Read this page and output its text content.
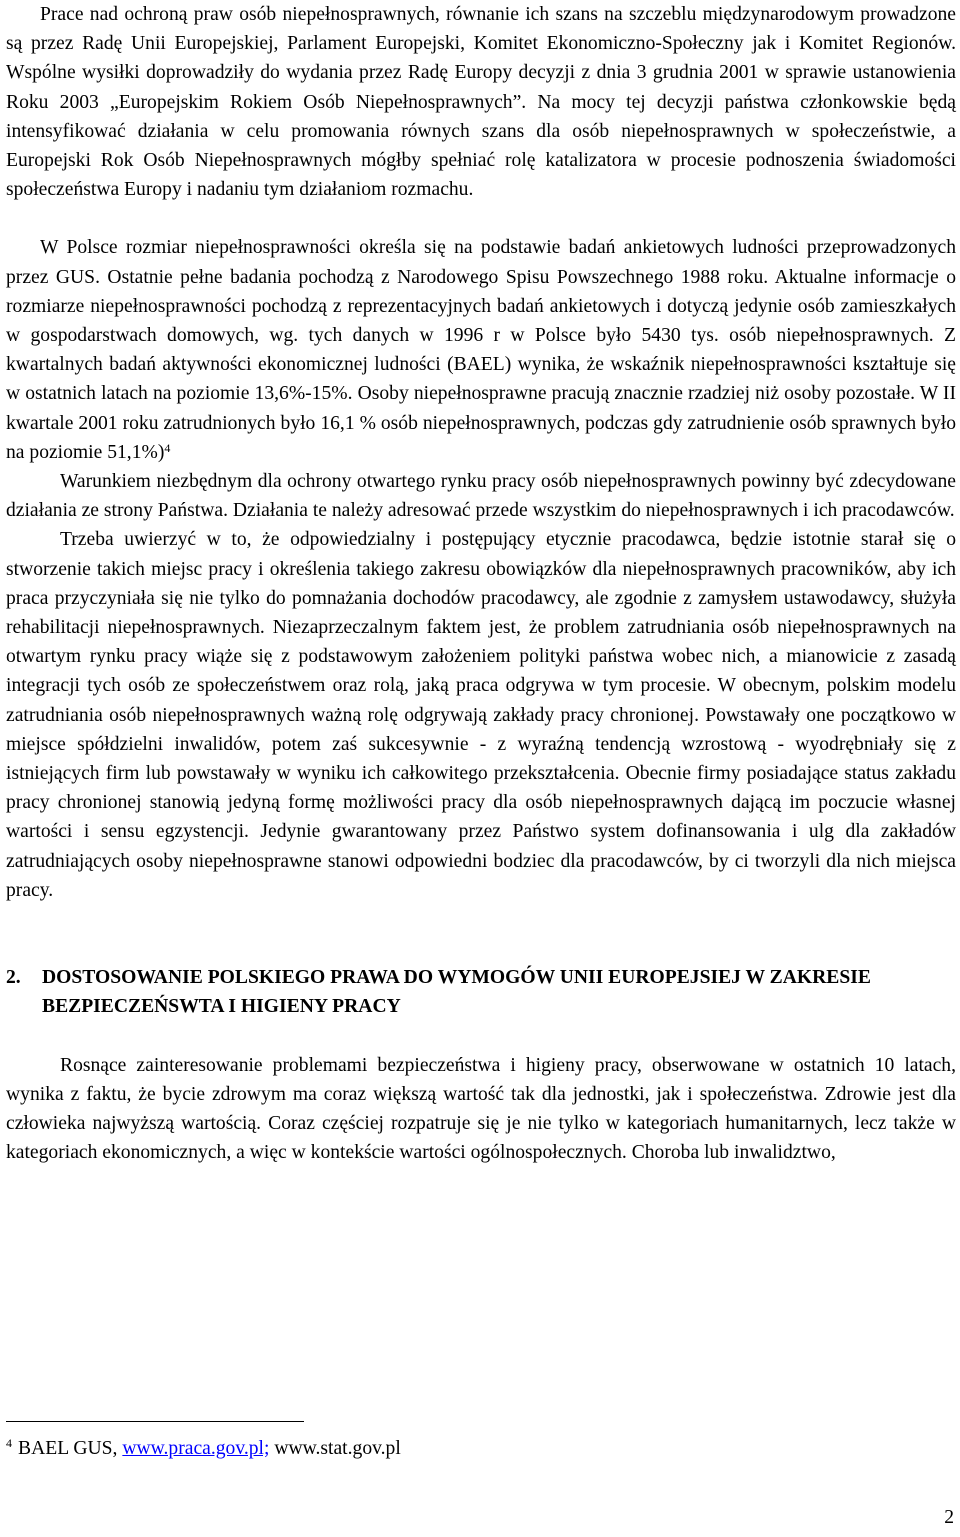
Prace nad ochroną praw osób niepełnosprawnych, równanie ich szans na szczeblu międzynarodowym prowadzone są przez Radę Unii Europejskiej, Parlament Europejski, Komitet Ekonomiczno-Społeczny jak i Komitet Regionów. Wspólne wysiłki doprowadziły do wydania przez Radę Europy decyzji z dnia 3 grudnia 2001 w sprawie ustanowienia Roku 2003 „Europejskim Rokiem Osób Niepełnosprawnych”. Na mocy tej decyzji państwa członkowskie będą intensyfikować działania w celu promowania równych szans dla osób niepełnosprawnych w społeczeństwie, a Europejski Rok Osób Niepełnosprawnych mógłby spełniać rolę katalizatora w procesie podnoszenia świadomości społeczeństwa Europy i nadaniu tym działaniom rozmachu.

W Polsce rozmiar niepełnosprawności określa się na podstawie badań ankietowych ludności przeprowadzonych przez GUS. Ostatnie pełne badania pochodzą z Narodowego Spisu Powszechnego 1988 roku. Aktualne informacje o rozmiarze niepełnosprawności pochodzą z reprezentacyjnych badań ankietowych i dotyczą jedynie osób zamieszkałych w gospodarstwach domowych, wg. tych danych w 1996 r w Polsce było 5430 tys. osób niepełnosprawnych. Z kwartalnych badań aktywności ekonomicznej ludności (BAEL) wynika, że wskaźnik niepełnosprawności kształtuje się w ostatnich latach na poziomie 13,6%-15%. Osoby niepełnosprawne pracują znacznie rzadziej niż osoby pozostałe. W II kwartale 2001 roku zatrudnionych było 16,1 % osób niepełnosprawnych, podczas gdy zatrudnienie osób sprawnych było na poziomie 51,1%)$^4$

Warunkiem niezbędnym dla ochrony otwartego rynku pracy osób niepełnosprawnych powinny być zdecydowane działania ze strony Państwa. Działania te należy adresować przede wszystkim do niepełnosprawnych i ich pracodawców.

Trzeba uwierzyć w to, że odpowiedzialny i postępujący etycznie pracodawca, będzie istotnie starał się o stworzenie takich miejsc pracy i określenia takiego zakresu obowiązków dla niepełnosprawnych pracowników, aby ich praca przyczyniała się nie tylko do pomnażania dochodów pracodawcy, ale zgodnie z zamysłem ustawodawcy, służyła rehabilitacji niepełnosprawnych. Niezaprzeczalnym faktem jest, że problem zatrudniania osób niepełnosprawnych na otwartym rynku pracy wiąże się z podstawowym założeniem polityki państwa wobec nich, a mianowicie z zasadą integracji tych osób ze społeczeństwem oraz rolą, jaką praca odgrywa w tym procesie. W obecnym, polskim modelu zatrudniania osób niepełnosprawnych ważną rolę odgrywają zakłady pracy chronionej. Powstawały one początkowo w miejsce spółdzielni inwalidów, potem zaś sukcesywnie - z wyraźną tendencją wzrostową - wyodrębniały się z istniejących firm lub powstawały w wyniku ich całkowitego przekształcenia. Obecnie firmy posiadające status zakładu pracy chronionej stanowią jedyną formę możliwości pracy dla osób niepełnosprawnych dającą im poczucie własnej wartości i sensu egzystencji. Jedynie gwarantowany przez Państwo system dofinansowania i ulg dla zakładów zatrudniających osoby niepełnosprawne stanowi odpowiedni bodziec dla pracodawców, by ci tworzyli dla nich miejsca pracy.

2.	DOSTOSOWANIE POLSKIEGO PRAWA DO WYMOGÓW UNII EUROPEJSIEJ W ZAKRESIE BEZPIECZEŃSWTA I HIGIENY PRACY

Rosnące zainteresowanie problemami bezpieczeństwa i higieny pracy, obserwowane w ostatnich 10 latach, wynika z faktu, że bycie zdrowym ma coraz większą wartość tak dla jednostki, jak i społeczeństwa. Zdrowie jest dla człowieka najwyższą wartością. Coraz częściej rozpatruje się je nie tylko w kategoriach humanitarnych, lecz także w kategoriach ekonomicznych, a więc w kontekście wartości ogólnospołecznych. Choroba lub inwalidztwo,

$^4$ BAEL GUS, www.praca.gov.pl; www.stat.gov.pl
2
